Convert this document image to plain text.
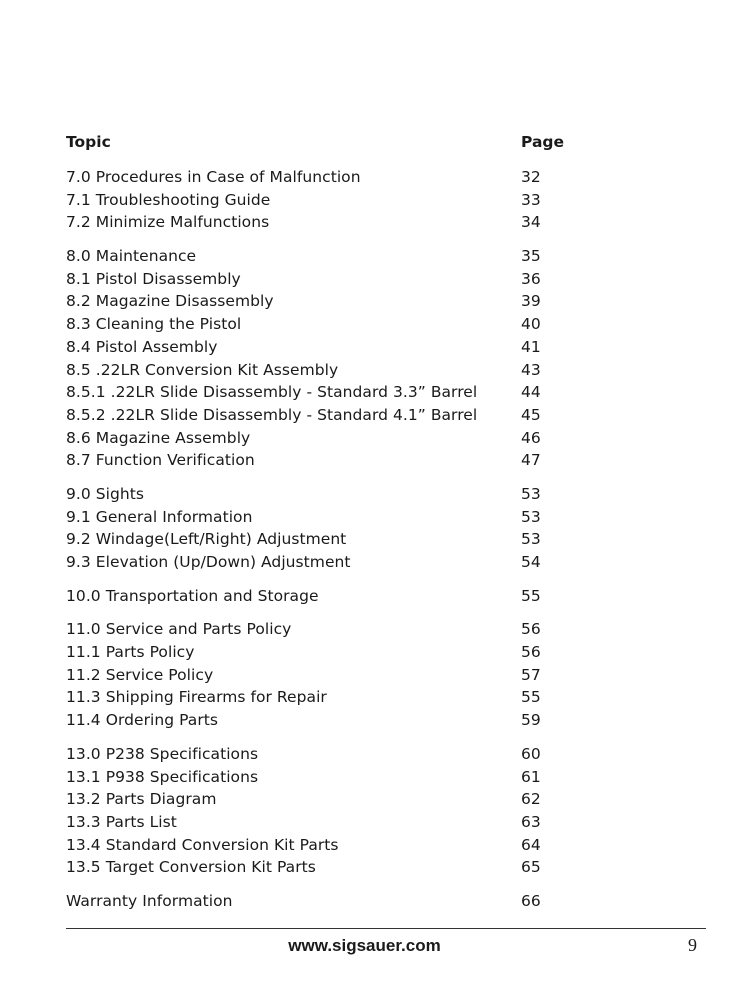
Topic	Page
7.0 Procedures in Case of Malfunction	32
7.1 Troubleshooting Guide	33
7.2 Minimize Malfunctions	34
8.0 Maintenance	35
8.1 Pistol Disassembly	36
8.2 Magazine Disassembly	39
8.3 Cleaning the Pistol	40
8.4 Pistol Assembly	41
8.5 .22LR Conversion Kit Assembly	43
8.5.1 .22LR Slide Disassembly - Standard 3.3” Barrel	44
8.5.2 .22LR Slide Disassembly - Standard 4.1” Barrel	45
8.6 Magazine Assembly	46
8.7 Function Verification	47
9.0 Sights	53
9.1 General Information	53
9.2 Windage(Left/Right) Adjustment	53
9.3 Elevation (Up/Down) Adjustment	54
10.0 Transportation and Storage	55
11.0 Service and Parts Policy	56
11.1 Parts Policy	56
11.2 Service Policy	57
11.3 Shipping Firearms for Repair	55
11.4 Ordering Parts	59
13.0 P238 Specifications	60
13.1 P938 Specifications	61
13.2 Parts Diagram	62
13.3 Parts List	63
13.4 Standard Conversion Kit Parts	64
13.5 Target Conversion Kit Parts	65
Warranty Information	66
www.sigsauer.com	9
